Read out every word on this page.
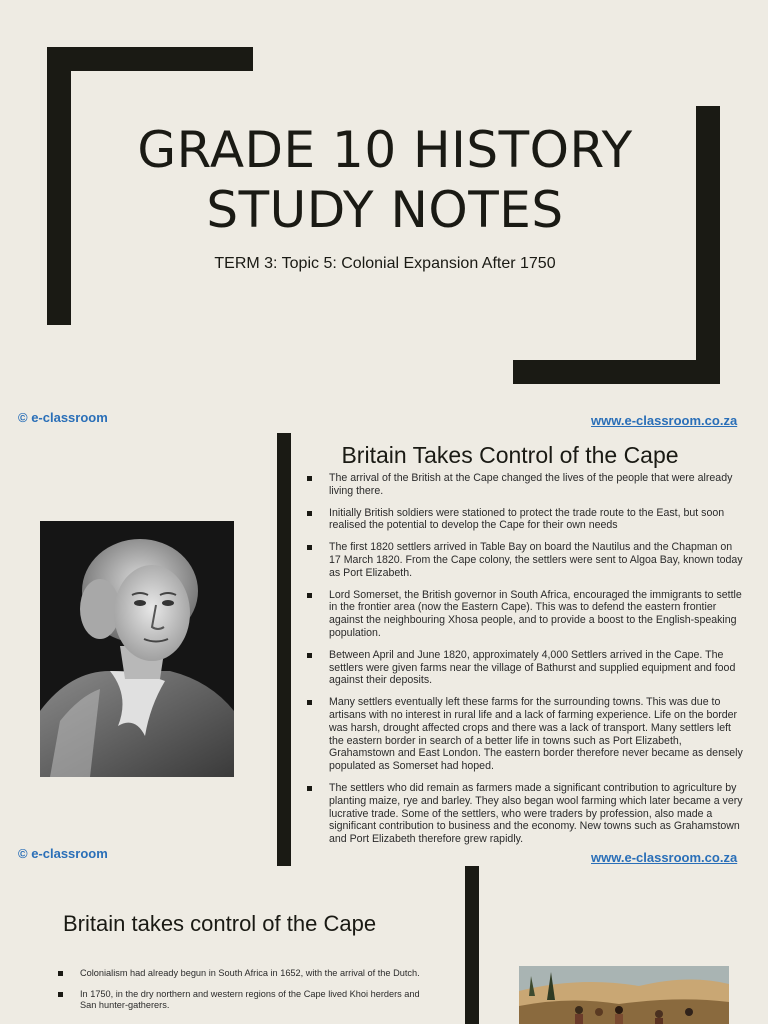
GRADE 10 HISTORY
STUDY NOTES
TERM 3: Topic 5: Colonial Expansion After 1750
© e-classroom	www.e-classroom.co.za
Britain Takes Control of the Cape
The arrival of the British at the Cape changed the lives of the people that were already living there.
Initially British soldiers were stationed to protect the trade route to the East, but soon realised the potential to develop the Cape for their own needs
The first 1820 settlers arrived in Table Bay on board the Nautilus and the Chapman on 17 March 1820. From the Cape colony, the settlers were sent to Algoa Bay, known today as Port Elizabeth.
Lord Somerset, the British governor in South Africa, encouraged the immigrants to settle in the frontier area (now the Eastern Cape). This was to defend the eastern frontier against the neighbouring Xhosa people, and to provide a boost to the English-speaking population.
Between April and June 1820, approximately 4,000 Settlers arrived in the Cape. The settlers were given farms near the village of Bathurst and supplied equipment and food against their deposits.
Many settlers eventually left these farms for the surrounding towns. This was due to artisans with no interest in rural life and a lack of farming experience. Life on the border was harsh, drought affected crops and there was a lack of transport. Many settlers left the eastern border in search of a better life in towns such as Port Elizabeth, Grahamstown and East London. The eastern border therefore never became as densely populated as Somerset had hoped.
The settlers who did remain as farmers made a significant contribution to agriculture by planting maize, rye and barley. They also began wool farming which later became a very lucrative trade. Some of the settlers, who were traders by profession, also made a significant contribution to business and the economy. New towns such as Grahamstown and Port Elizabeth therefore grew rapidly.
© e-classroom	www.e-classroom.co.za
Britain takes control of the Cape
Colonialism had already begun in South Africa in 1652, with the arrival of the Dutch.
In 1750, in the dry northern and western regions of the Cape lived Khoi herders and San hunter-gatherers.
